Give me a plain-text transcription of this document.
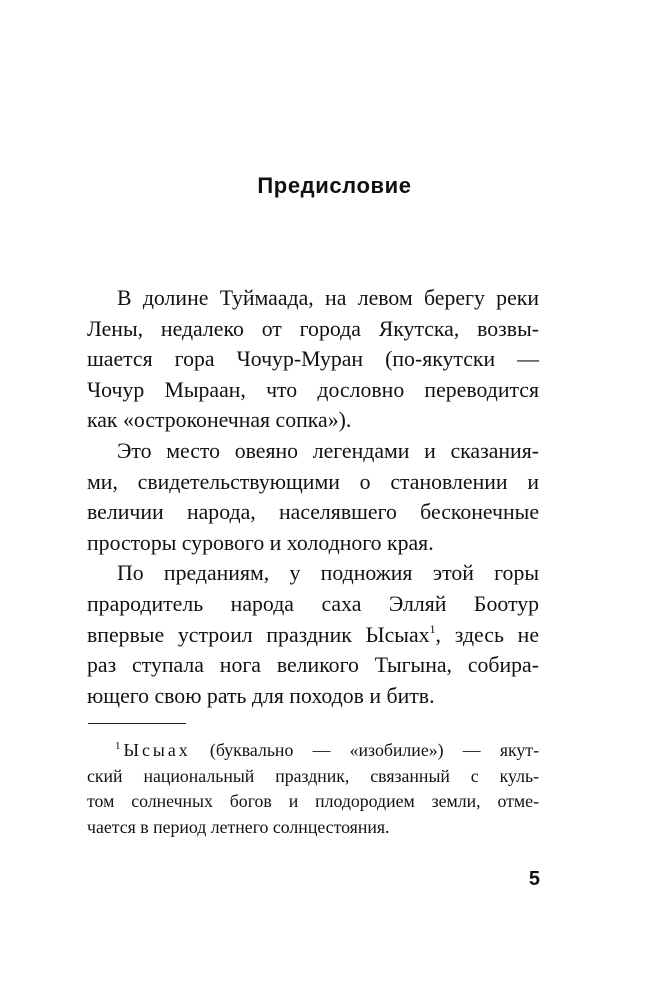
Предисловие
В долине Туймаада, на левом берегу реки
Лены, недалеко от города Якутска, возвы-
шается гора Чочур-Муран (по-якутски —
Чочур Мыраан, что дословно переводится
как «остроконечная сопка»).
Это место овеяно легендами и сказания-
ми, свидетельствующими о становлении и
величии народа, населявшего бесконечные
просторы сурового и холодного края.
По преданиям, у подножия этой горы
прародитель народа саха Элляй Боотур
впервые устроил праздник Ысыах$^1$, здесь не
раз ступала нога великого Тыгына, собира-
ющего свою рать для походов и битв.
$^1$ Ысыах (буквально — «изобилие») — якут-
ский национальный праздник, связанный с куль-
том солнечных богов и плодородием земли, отме-
чается в период летнего солнцестояния.
5
